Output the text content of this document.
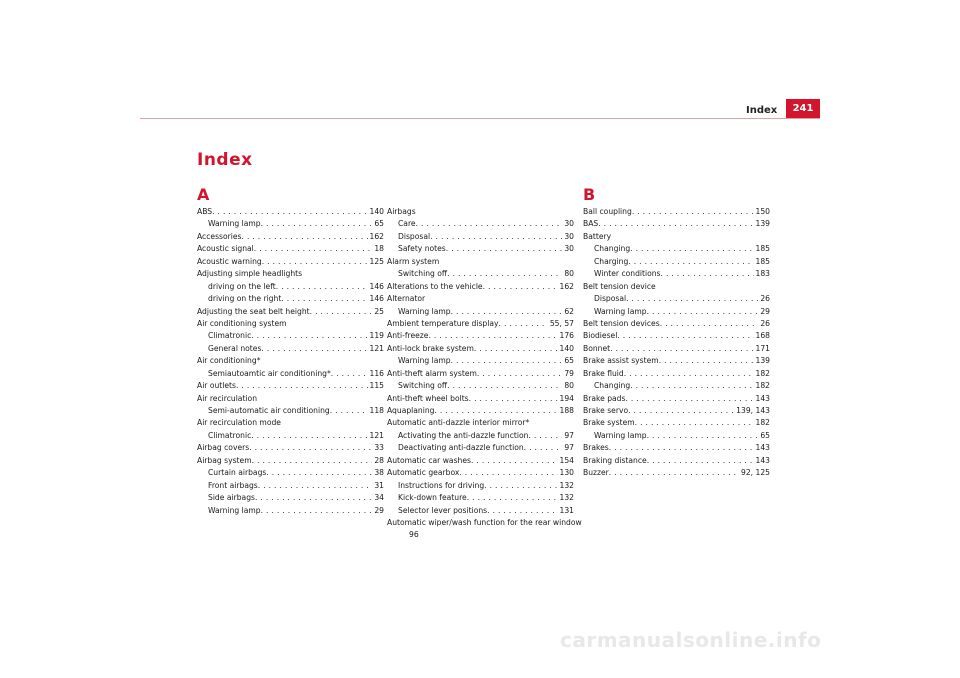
Index	241
Index
A
ABS . . .	140
Warning lamp . . .	65
Accessories . . .	162
Acoustic signal . . .	18
Acoustic warning . . .	125
Adjusting simple headlights
driving on the left . . .	146
driving on the right . . .	146
Adjusting the seat belt height . . .	25
Air conditioning system
Climatronic . . .	119
General notes . . .	121
Air conditioning*
Semiautoamtic air conditioning* . . .	116
Air outlets . . .	115
Air recirculation
Semi-automatic air conditioning . . .	118
Air recirculation mode
Climatronic . . .	121
Airbag covers . . .	33
Airbag system . . .	28
Curtain airbags . . .	38
Front airbags . . .	31
Side airbags . . .	34
Warning lamp . . .	29
Airbags
Care . . .	30
Disposal . . .	30
Safety notes . . .	30
Alarm system
Switching off . . .	80
Alterations to the vehicle . . .	162
Alternator
Warning lamp . . .	62
Ambient temperature display . . .	55, 57
Anti-freeze . . .	176
Anti-lock brake system . . .	140
Warning lamp . . .	65
Anti-theft alarm system . . .	79
Switching off . . .	80
Anti-theft wheel bolts . . .	194
Aquaplaning . . .	188
Automatic anti-dazzle interior mirror*
Activating the anti-dazzle function . . .	97
Deactivating anti-dazzle function . . .	97
Automatic car washes . . .	154
Automatic gearbox . . .	130
Instructions for driving . . .	132
Kick-down feature . . .	132
Selector lever positions . . .	131
Automatic wiper/wash function for the rear window
96
B
Ball coupling . . .	150
BAS . . .	139
Battery
Changing . . .	185
Charging . . .	185
Winter conditions . . .	183
Belt tension device
Disposal . . .	26
Warning lamp . . .	29
Belt tension devices . . .	26
Biodiesel . . .	168
Bonnet . . .	171
Brake assist system . . .	139
Brake fluid . . .	182
Changing . . .	182
Brake pads . . .	143
Brake servo . . .	139, 143
Brake system . . .	182
Warning lamp . . .	65
Brakes . . .	143
Braking distance . . .	143
Buzzer . . .	92, 125
carmanualsonline.info
